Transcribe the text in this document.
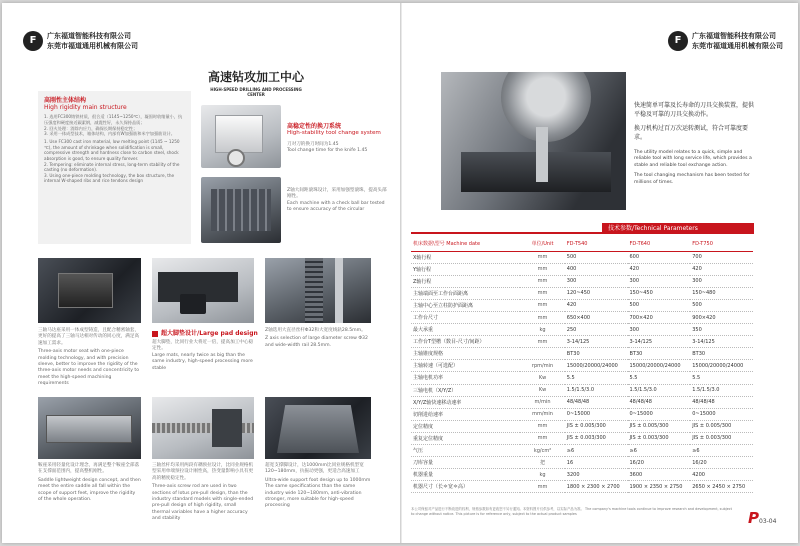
F	广东福道智能科技有限公司
东莞市福道通用机械有限公司
高刚性主体结构
High rigidity main structure
1. 选用FC300铸铁材质，很合适（1145~1250℃），凝固时收缩量小，抗压强度和硬度接近碳素钢，减震性好，永久保持品质；
2. 回火处理：消除内应力，确保长期保持稳定性；
3. 采用一体成型技术，箱体结构，内部有W加强筋和米字加强筋设计。
1. Use FC300 cast iron material, low melting point (1145 ~ 1250 ℃), the amount of shrinkage when solidification is small, compressive strength and hardness close to carbon steel, shock absorption is good, to ensure quality forever.
2. Tempering: eliminate internal stress, long-term stability of the casting (no deformation).
3. Using one-piece molding technology, the box structure, the internal W-shaped ribs and rice tendons design
高速钻攻加工中心
HIGH-SPEED DRILLING AND PROCESSING CENTER
高稳定性的换刀系统
High-stability tool change system
刀对刀的换刀时间为1.45
Tool change time for the knife 1.45
Z轴大间距滚珠设计，采用加强型滚珠，提高头部刚性。
Each machine with a check ball bar tested to ensure accuracy of the circular
三轴马达座采用一体成型铸造，且配合精密轴套，更好的提高了三轴马达相对传动的同心度，满足高速加工需求。
Three-axis motor seat with one-piece molding technology, and with precision sleeve, better to improve the rigidity of the three-axis motor needs and concentricity to meet the high-speed machining requirements
超大脚垫设计/Large pad design
超大脚垫，比同行业大将近一倍，提高加工中心稳定性。
Large mats, nearly twice as big than the same industry, high-speed processing more stable
Z轴选用大直径丝杆Φ32和大宽度线轨28.5mm。
Z axis selection of large diameter screw Φ32 and wide-width rail 28.5mm.
鞍座采用轻量化设计理念，再满足整个鞍座全部落在支撑面范围内，提高整机刚性。
Saddle lightweight design concept, and then meet the entire saddle all fall within the scope of support feet, improve the rigidity of the whole operation.
三轴丝杆均采用两段有耦预拉设计，比同业规格机型采用单端预拉设计刚性高，热变量影响小具有更高的精度稳定性。
Three-axis screw rod are used in two sections of lotus pre-pull design, than the industry standard models with single-ended pre-pull design of high rigidity, small thermal variables have a higher accuracy and stability
超宽支撑脚设计，达1000mm比同业规格机型宽120~180mm，抗振动更强，更适合高速加工
Ultra-wide support foot design up to 1000mm The same specifications than the same industry wide 120~180mm, anti-vibration stronger, more suitable for high-speed processing
F	广东福道智能科技有限公司
东莞市福道通用机械有限公司
快速简单可靠及长寿命的刀具交换装置，提供平稳及可靠的刀具交换动作。
换刀机构过百万次运转测试，符合可靠度要求。
The utility model relates to a quick, simple and reliable tool with long service life, which provides a stable and reliable tool exchange action.
The tool changing mechanism has been tested for millions of times.
技术参数/Technical Parameters
机床数据\型号 Machine date	单位/Unit	FD-T540	FD-T640	FD-T750
X轴行程	mm	500	600	700
Y轴行程	mm	400	420	420
Z轴行程	mm	300	300	300
主轴端面至工作台面距离	mm	120~450	150~450	150~480
主轴中心至立柱防护面距离	mm	420	500	500
工作台尺寸	mm	650×400	700×420	900×420
最大承重	kg	250	300	350
工作台T型槽（数目-尺寸/间距）	mm	3-14/125	3-14/125	3-14/125
主轴锥度规格		BT30	BT30	BT30
主轴转速（可选配）	rpm/min	15000/20000/24000	15000/20000/24000	15000/20000/24000
主轴电机功率	Kw	5.5	5.5	5.5
三轴电机（X/Y/Z）	Kw	1.5/1.5/3.0	1.5/1.5/3.0	1.5/1.5/3.0
X/Y/Z轴快速移动速率	m/min	48/48/48	48/48/48	48/48/48
切削进给速率	mm/min	0~15000	0~15000	0~15000
定位精度	mm	JIS ± 0.005/300	JIS ± 0.005/300	JIS ± 0.005/300
重复定位精度	mm	JIS ± 0.003/300	JIS ± 0.003/300	JIS ± 0.003/300
气压	kg/cm²	≥6	≥6	≥6
刀库容量	把	16	16/20	16/20
机器重量	kg	3200	3600	4200
机器尺寸（长＊宽＊高）	mm	1800 × 2300 × 2700	1900 × 2350 × 2750	2650 × 2450 × 2750
本公司保留对产品进行不断改进的权利，规格参数如有更改恕不另行通知。本资料图片仅供参考，以实际产品为准。 The company's machine tools continue to improve research and development, subject to change without notice. This picture is for reference only, subject to the actual product samples	P03-04
